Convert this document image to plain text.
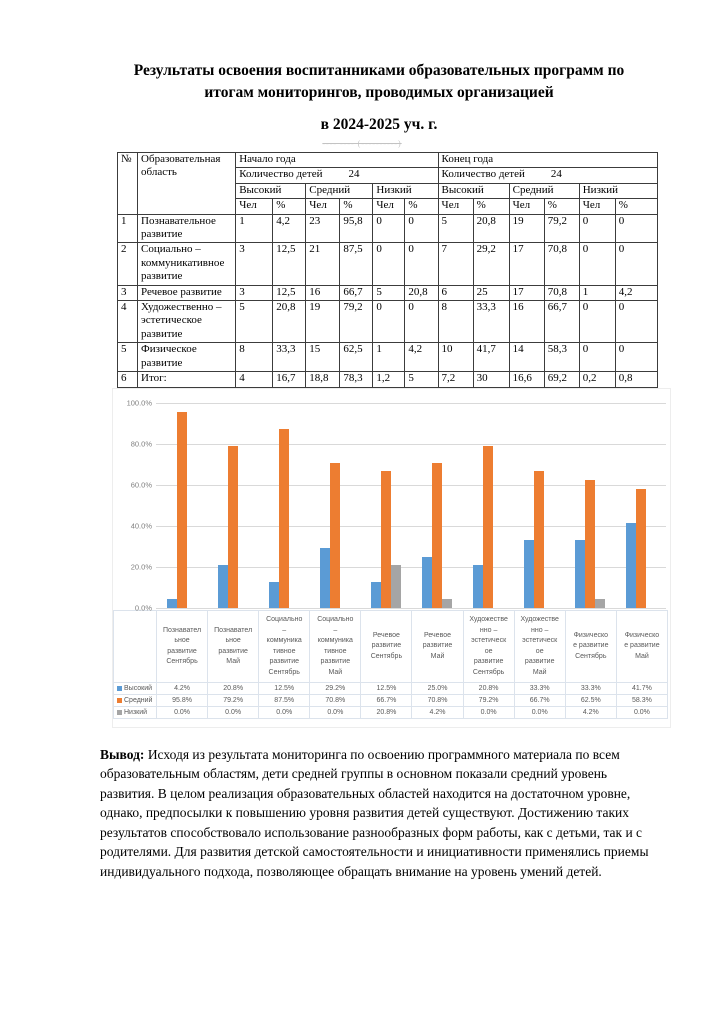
Результаты освоения воспитанниками образовательных программ по
итогам мониторингов, проводимых организацией
в 2024-2025 уч. г.
---- ---- (----------)
№	Образовательная область	Начало года						Конец года					
		Количество детей 24						Количество детей 24					
		Высокий		Средний		Низкий		Высокий		Средний		Низкий	
		Чел	%	Чел	%	Чел	%	Чел	%	Чел	%	Чел	%
1	Познавательное развитие	1	4,2	23	95,8	0	0	5	20,8	19	79,2	0	0
2	Социально – коммуникативное развитие	3	12,5	21	87,5	0	0	7	29,2	17	70,8	0	0
3	Речевое развитие	3	12,5	16	66,7	5	20,8	6	25	17	70,8	1	4,2
4	Художественно – эстетическое развитие	5	20,8	19	79,2	0	0	8	33,3	16	66,7	0	0
5	Физическое развитие	8	33,3	15	62,5	1	4,2	10	41,7	14	58,3	0	0
6	Итог:	4	16,7	18,8	78,3	1,2	5	7,2	30	16,6	69,2	0,2	0,8
100.0%
80.0%
60.0%
40.0%
20.0%
0.0%

Познавател
ьное
развитие
Сентябрь

Познавател
ьное
развитие
Май

Социально
–
коммуника
тивное
развитие
Сентябрь

Социально
–
коммуника
тивное
развитие
Май

Речевое
развитие
Сентябрь

Речевое
развитие
Май

Художестве
нно –
эстетическ
ое
развитие
Сентябрь

Художестве
нно –
эстетическ
ое
развитие
Май

Физическо
е развитие
Сентябрь

Физическо
е развитие
Май

Высокий	4.2%	20.8%	12.5%	29.2%	12.5%	25.0%	20.8%	33.3%	33.3%	41.7%
Средний	95.8%	79.2%	87.5%	70.8%	66.7%	70.8%	79.2%	66.7%	62.5%	58.3%
Низкий	0.0%	0.0%	0.0%	0.0%	20.8%	4.2%	0.0%	0.0%	4.2%	0.0%

Вывод: Исходя из результата мониторинга по освоению программного материала по всем образовательным областям, дети средней группы в основном показали средний уровень развития. В целом реализация образовательных областей находится на достаточном уровне, однако, предпосылки к повышению уровня развития детей существуют. Достижению таких результатов способствовало использование разнообразных форм работы, как с детьми, так и с родителями. Для развития детской самостоятельности и инициативности применялись приемы индивидуального подхода, позволяющее обращать внимание на уровень умений детей.
